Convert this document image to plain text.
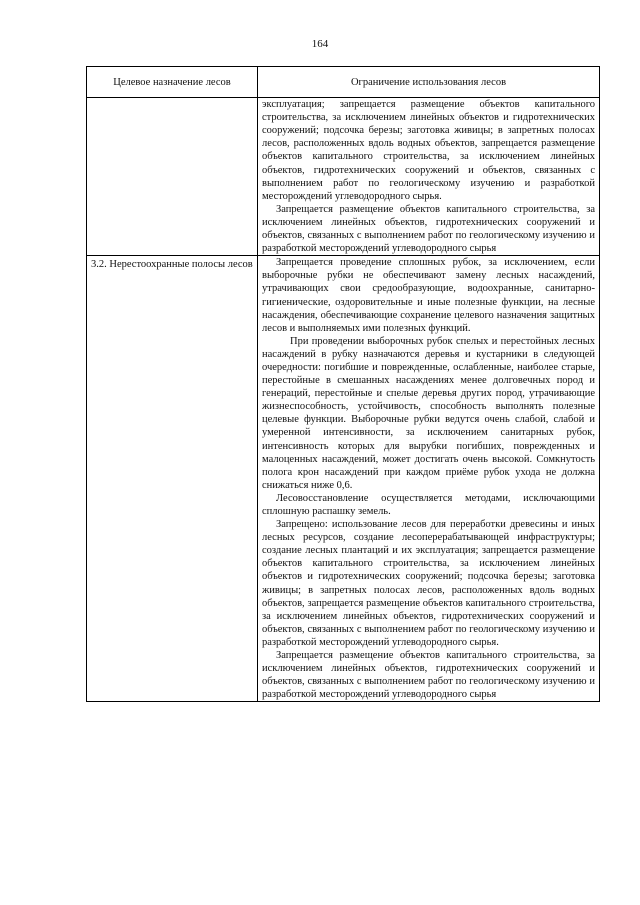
164
Целевое назначение лесов	Ограничение использования лесов

	эксплуатация; запрещается размещение объектов капитального строительства, за исключением линейных объектов и гидротехнических сооружений; подсочка березы; заготовка живицы; в запретных полосах лесов, расположенных вдоль водных объектов, запрещается размещение объектов капитального строительства, за исключением линейных объектов, гидротехнических сооружений и объектов, связанных с выполнением работ по геологическому изучению и разработкой месторождений углеводородного сырья.

Запрещается размещение объектов капитального строительства, за исключением линейных объектов, гидротехнических сооружений и объектов, связанных с выполнением работ по геологическому изучению и разработкой месторождений углеводородного сырья

3.2. Нерестоохранные полосы лесов	Запрещается проведение сплошных рубок, за исключением, если выборочные рубки не обеспечивают замену лесных насаждений, утрачивающих свои средообразующие, водоохранные, санитарно-гигиенические, оздоровительные и иные полезные функции, на лесные насаждения, обеспечивающие сохранение целевого назначения защитных лесов и выполняемых ими полезных функций.

При проведении выборочных рубок спелых и перестойных лесных насаждений в рубку назначаются деревья и кустарники в следующей очередности: погибшие и поврежденные, ослабленные, наиболее старые, перестойные в смешанных насаждениях менее долговечных пород и генераций, перестойные и спелые деревья других пород, утрачивающие жизнеспособность, устойчивость, способность выполнять полезные целевые функции. Выборочные рубки ведутся очень слабой, слабой и умеренной интенсивности, за исключением санитарных рубок, интенсивность которых для вырубки погибших, поврежденных и малоценных насаждений, может достигать очень высокой. Сомкнутость полога крон насаждений при каждом приёме рубок ухода не должна снижаться ниже 0,6.

Лесовосстановление осуществляется методами, исключающими сплошную распашку земель.

Запрещено: использование лесов для переработки древесины и иных лесных ресурсов, создание лесоперерабатывающей инфраструктуры; создание лесных плантаций и их эксплуатация; запрещается размещение объектов капитального строительства, за исключением линейных объектов и гидротехнических сооружений; подсочка березы; заготовка живицы; в запретных полосах лесов, расположенных вдоль водных объектов, запрещается размещение объектов капитального строительства, за исключением линейных объектов, гидротехнических сооружений и объектов, связанных с выполнением работ по геологическому изучению и разработкой месторождений углеводородного сырья.

Запрещается размещение объектов капитального строительства, за исключением линейных объектов, гидротехнических сооружений и объектов, связанных с выполнением работ по геологическому изучению и разработкой месторождений углеводородного сырья
